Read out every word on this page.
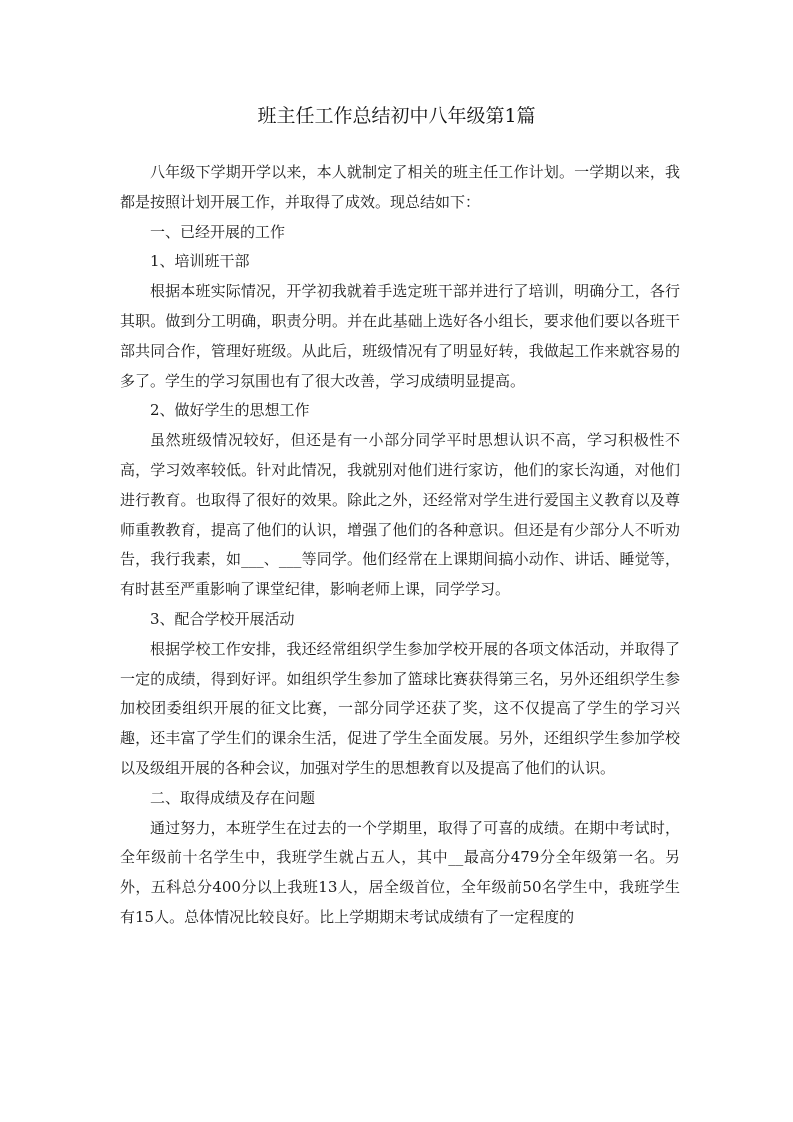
班主任工作总结初中八年级第1篇

八年级下学期开学以来，本人就制定了相关的班主任工作计划。一学期以来，我都是按照计划开展工作，并取得了成效。现总结如下：

一、已经开展的工作

1、培训班干部

根据本班实际情况，开学初我就着手选定班干部并进行了培训，明确分工，各行其职。做到分工明确，职责分明。并在此基础上选好各小组长，要求他们要以各班干部共同合作，管理好班级。从此后，班级情况有了明显好转，我做起工作来就容易的多了。学生的学习氛围也有了很大改善，学习成绩明显提高。

2、做好学生的思想工作

虽然班级情况较好，但还是有一小部分同学平时思想认识不高，学习积极性不高，学习效率较低。针对此情况，我就别对他们进行家访，他们的家长沟通，对他们进行教育。也取得了很好的效果。除此之外，还经常对学生进行爱国主义教育以及尊师重教教育，提高了他们的认识，增强了他们的各种意识。但还是有少部分人不听劝告，我行我素，如___、___等同学。他们经常在上课期间搞小动作、讲话、睡觉等，有时甚至严重影响了课堂纪律，影响老师上课，同学学习。

3、配合学校开展活动

根据学校工作安排，我还经常组织学生参加学校开展的各项文体活动，并取得了一定的成绩，得到好评。如组织学生参加了篮球比赛获得第三名，另外还组织学生参加校团委组织开展的征文比赛，一部分同学还获了奖，这不仅提高了学生的学习兴趣，还丰富了学生们的课余生活，促进了学生全面发展。另外，还组织学生参加学校以及级组开展的各种会议，加强对学生的思想教育以及提高了他们的认识。

二、取得成绩及存在问题

通过努力，本班学生在过去的一个学期里，取得了可喜的成绩。在期中考试时，全年级前十名学生中，我班学生就占五人，其中__最高分479分全年级第一名。另外，五科总分400分以上我班13人，居全级首位，全年级前50名学生中，我班学生有15人。总体情况比较良好。比上学期期末考试成绩有了一定程度的
